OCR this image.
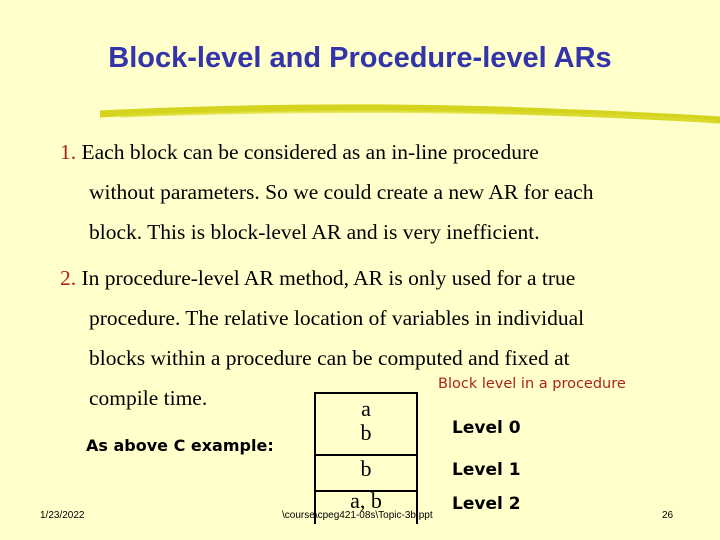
Block-level and Procedure-level ARs
1. Each block can be considered as an in-line procedure
without parameters. So we could create a new AR for each
block. This is block-level AR and is very inefficient.
2. In procedure-level AR method, AR is only used for a true
procedure. The relative location of variables in individual
blocks within a procedure can be computed and fixed at
compile time.
Block level in a procedure
As above C example:
a
b
b
a, b
Level 0
Level 1
Level 2
1/23/2022	\course\cpeg421-08s\Topic-3b.ppt	26
